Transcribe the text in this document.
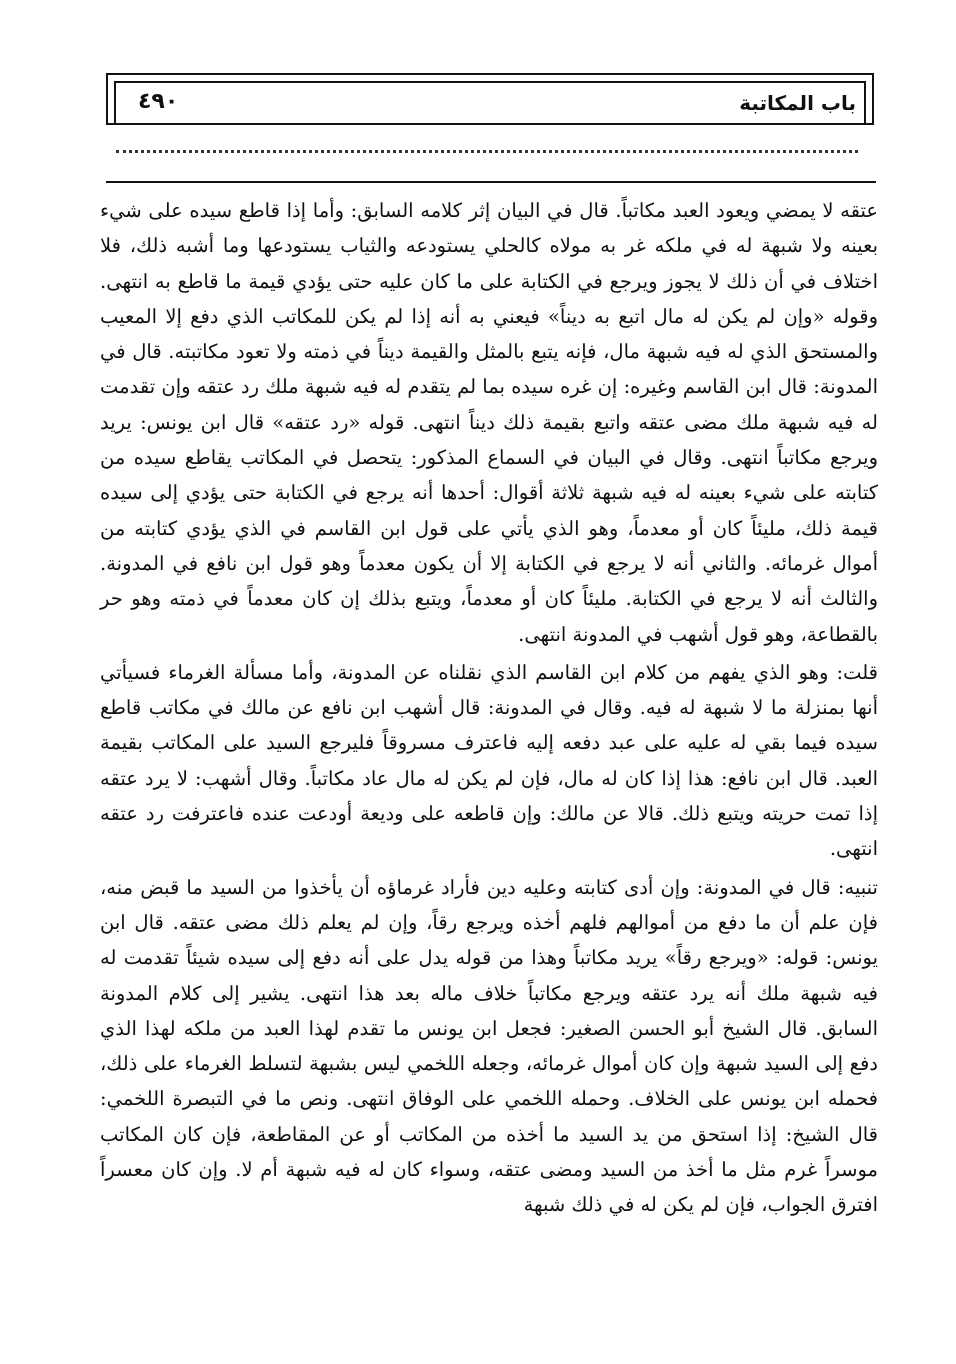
باب المكاتبة
٤٩٠

عتقه لا يمضي ويعود العبد مكاتباً. قال في البيان إثر كلامه السابق: وأما إذا قاطع سيده على شيء بعينه ولا شبهة له في ملكه غر به مولاه كالحلي يستودعه والثياب يستودعها وما أشبه ذلك، فلا اختلاف في أن ذلك لا يجوز ويرجع في الكتابة على ما كان عليه حتى يؤدي قيمة ما قاطع به انتهى. وقوله «وإن لم يكن له مال اتبع به ديناً» فيعني به أنه إذا لم يكن للمكاتب الذي دفع إلا المعيب والمستحق الذي له فيه شبهة مال، فإنه يتبع بالمثل والقيمة ديناً في ذمته ولا تعود مكاتبته. قال في المدونة: قال ابن القاسم وغيره: إن غره سيده بما لم يتقدم له فيه شبهة ملك رد عتقه وإن تقدمت له فيه شبهة ملك مضى عتقه واتبع بقيمة ذلك ديناً انتهى. قوله «رد عتقه» قال ابن يونس: يريد ويرجع مكاتباً انتهى. وقال في البيان في السماع المذكور: يتحصل في المكاتب يقاطع سيده من كتابته على شيء بعينه له فيه شبهة ثلاثة أقوال: أحدها أنه يرجع في الكتابة حتى يؤدي إلى سيده قيمة ذلك، مليئاً كان أو معدماً، وهو الذي يأتي على قول ابن القاسم في الذي يؤدي كتابته من أموال غرمائه. والثاني أنه لا يرجع في الكتابة إلا أن يكون معدماً وهو قول ابن نافع في المدونة. والثالث أنه لا يرجع في الكتابة. مليئاً كان أو معدماً، ويتبع بذلك إن كان معدماً في ذمته وهو حر بالقطاعة، وهو قول أشهب في المدونة انتهى.

قلت: وهو الذي يفهم من كلام ابن القاسم الذي نقلناه عن المدونة، وأما مسألة الغرماء فسيأتي أنها بمنزلة ما لا شبهة له فيه. وقال في المدونة: قال أشهب ابن نافع عن مالك في مكاتب قاطع سيده فيما بقي له عليه على عبد دفعه إليه فاعترف مسروقاً فليرجع السيد على المكاتب بقيمة العبد. قال ابن نافع: هذا إذا كان له مال، فإن لم يكن له مال عاد مكاتباً. وقال أشهب: لا يرد عتقه إذا تمت حريته ويتبع ذلك. قالا عن مالك: وإن قاطعه على وديعة أودعت عنده فاعترفت رد عتقه انتهى.

تنبيه: قال في المدونة: وإن أدى كتابته وعليه دين فأراد غرماؤه أن يأخذوا من السيد ما قبض منه، فإن علم أن ما دفع من أموالهم فلهم أخذه ويرجع رقاً، وإن لم يعلم ذلك مضى عتقه. قال ابن يونس: قوله: «ويرجع رقاً» يريد مكاتباً وهذا من قوله يدل على أنه دفع إلى سيده شيئاً تقدمت له فيه شبهة ملك أنه يرد عتقه ويرجع مكاتباً خلاف ماله بعد هذا انتهى. يشير إلى كلام المدونة السابق. قال الشيخ أبو الحسن الصغير: فجعل ابن يونس ما تقدم لهذا العبد من ملكه لهذا الذي دفع إلى السيد شبهة وإن كان أموال غرمائه، وجعله اللخمي ليس بشبهة لتسلط الغرماء على ذلك، فحمله ابن يونس على الخلاف. وحمله اللخمي على الوفاق انتهى. ونص ما في التبصرة اللخمي: قال الشيخ: إذا استحق من يد السيد ما أخذه من المكاتب أو عن المقاطعة، فإن كان المكاتب موسراً غرم مثل ما أخذ من السيد ومضى عتقه، وسواء كان له فيه شبهة أم لا. وإن كان معسراً افترق الجواب، فإن لم يكن له في ذلك شبهة
